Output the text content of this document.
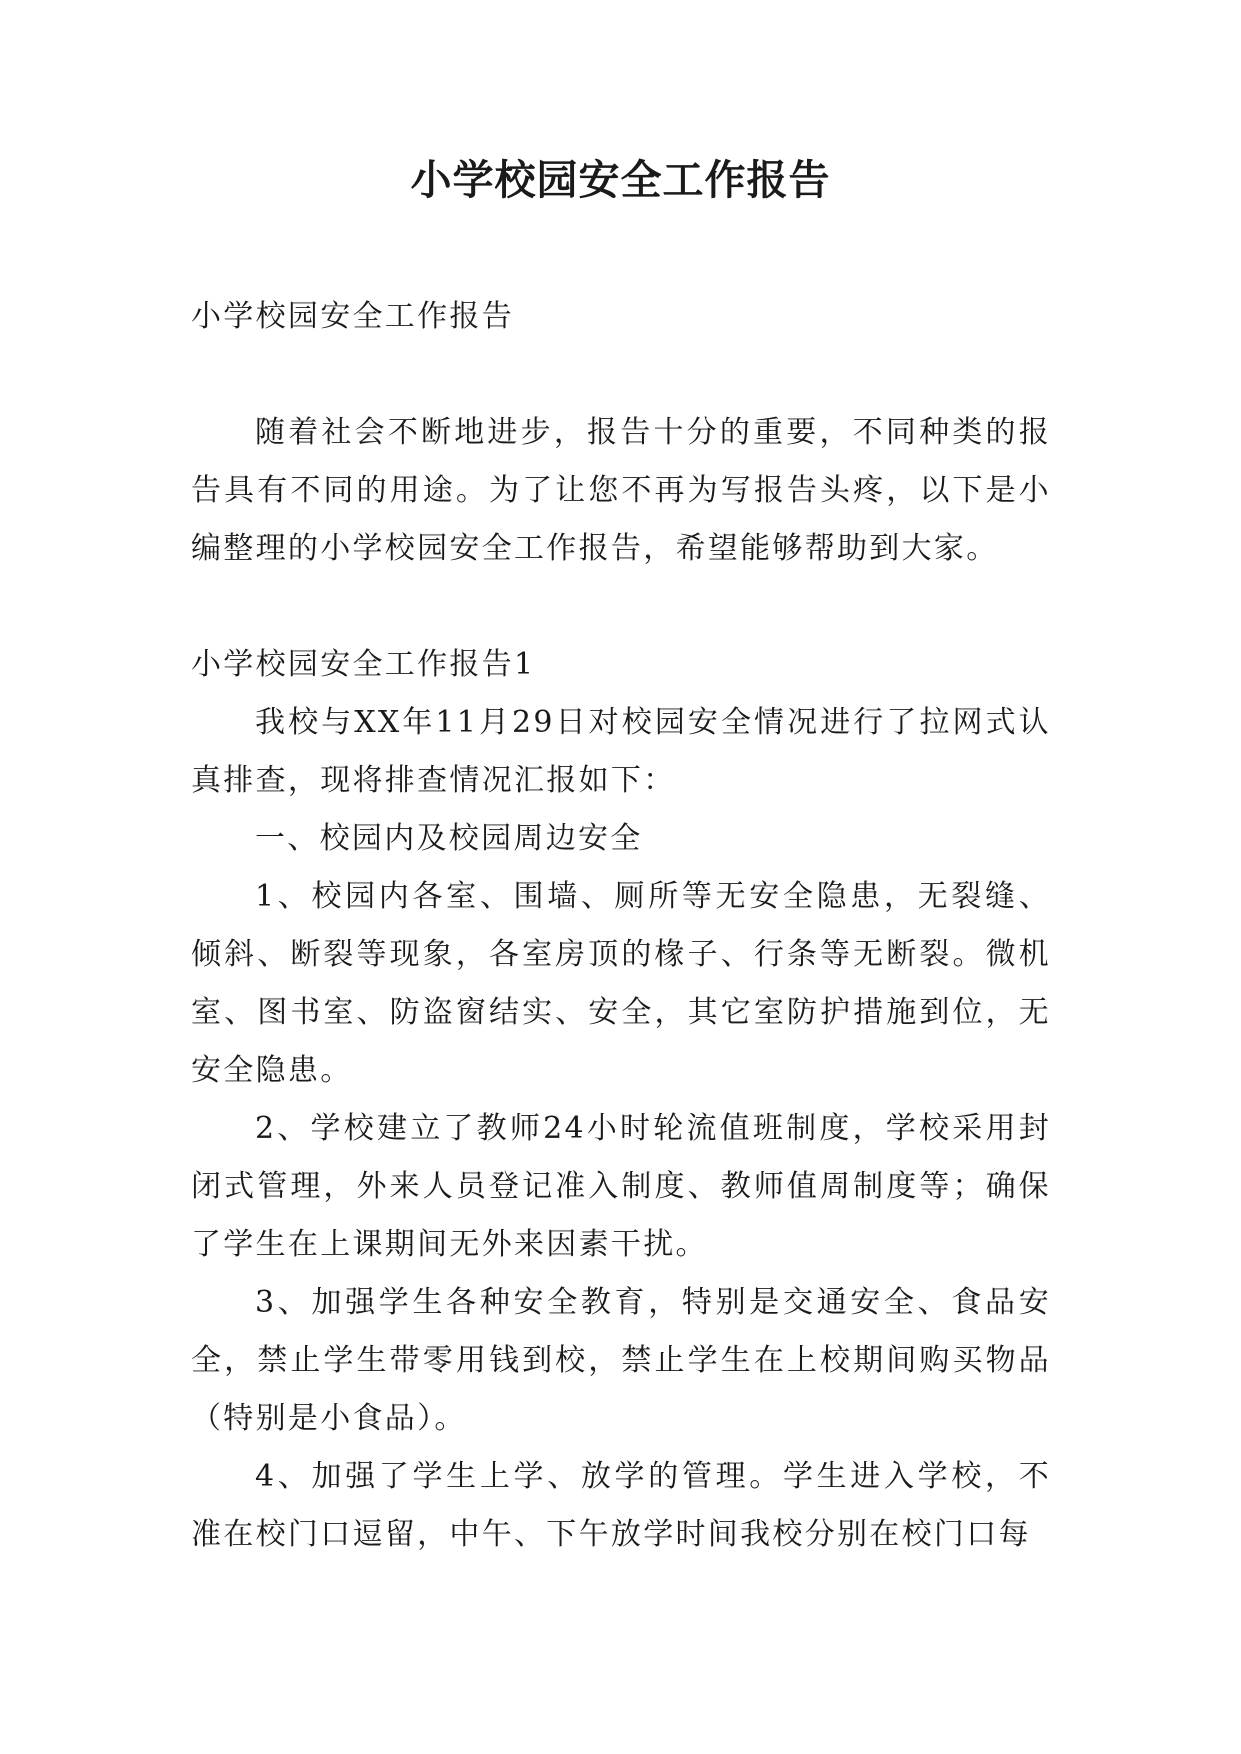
小学校园安全工作报告
小学校园安全工作报告

随着社会不断地进步，报告十分的重要，不同种类的报告具有不同的用途。为了让您不再为写报告头疼，以下是小编整理的小学校园安全工作报告，希望能够帮助到大家。

小学校园安全工作报告1

我校与XX年11月29日对校园安全情况进行了拉网式认真排查，现将排查情况汇报如下：

一、校园内及校园周边安全

1、校园内各室、围墙、厕所等无安全隐患，无裂缝、倾斜、断裂等现象，各室房顶的椽子、行条等无断裂。微机室、图书室、防盗窗结实、安全，其它室防护措施到位，无安全隐患。

2、学校建立了教师24小时轮流值班制度，学校采用封闭式管理，外来人员登记准入制度、教师值周制度等；确保了学生在上课期间无外来因素干扰。

3、加强学生各种安全教育，特别是交通安全、食品安全，禁止学生带零用钱到校，禁止学生在上校期间购买物品（特别是小食品）。

4、加强了学生上学、放学的管理。学生进入学校，不准在校门口逗留，中午、下午放学时间我校分别在校门口每
